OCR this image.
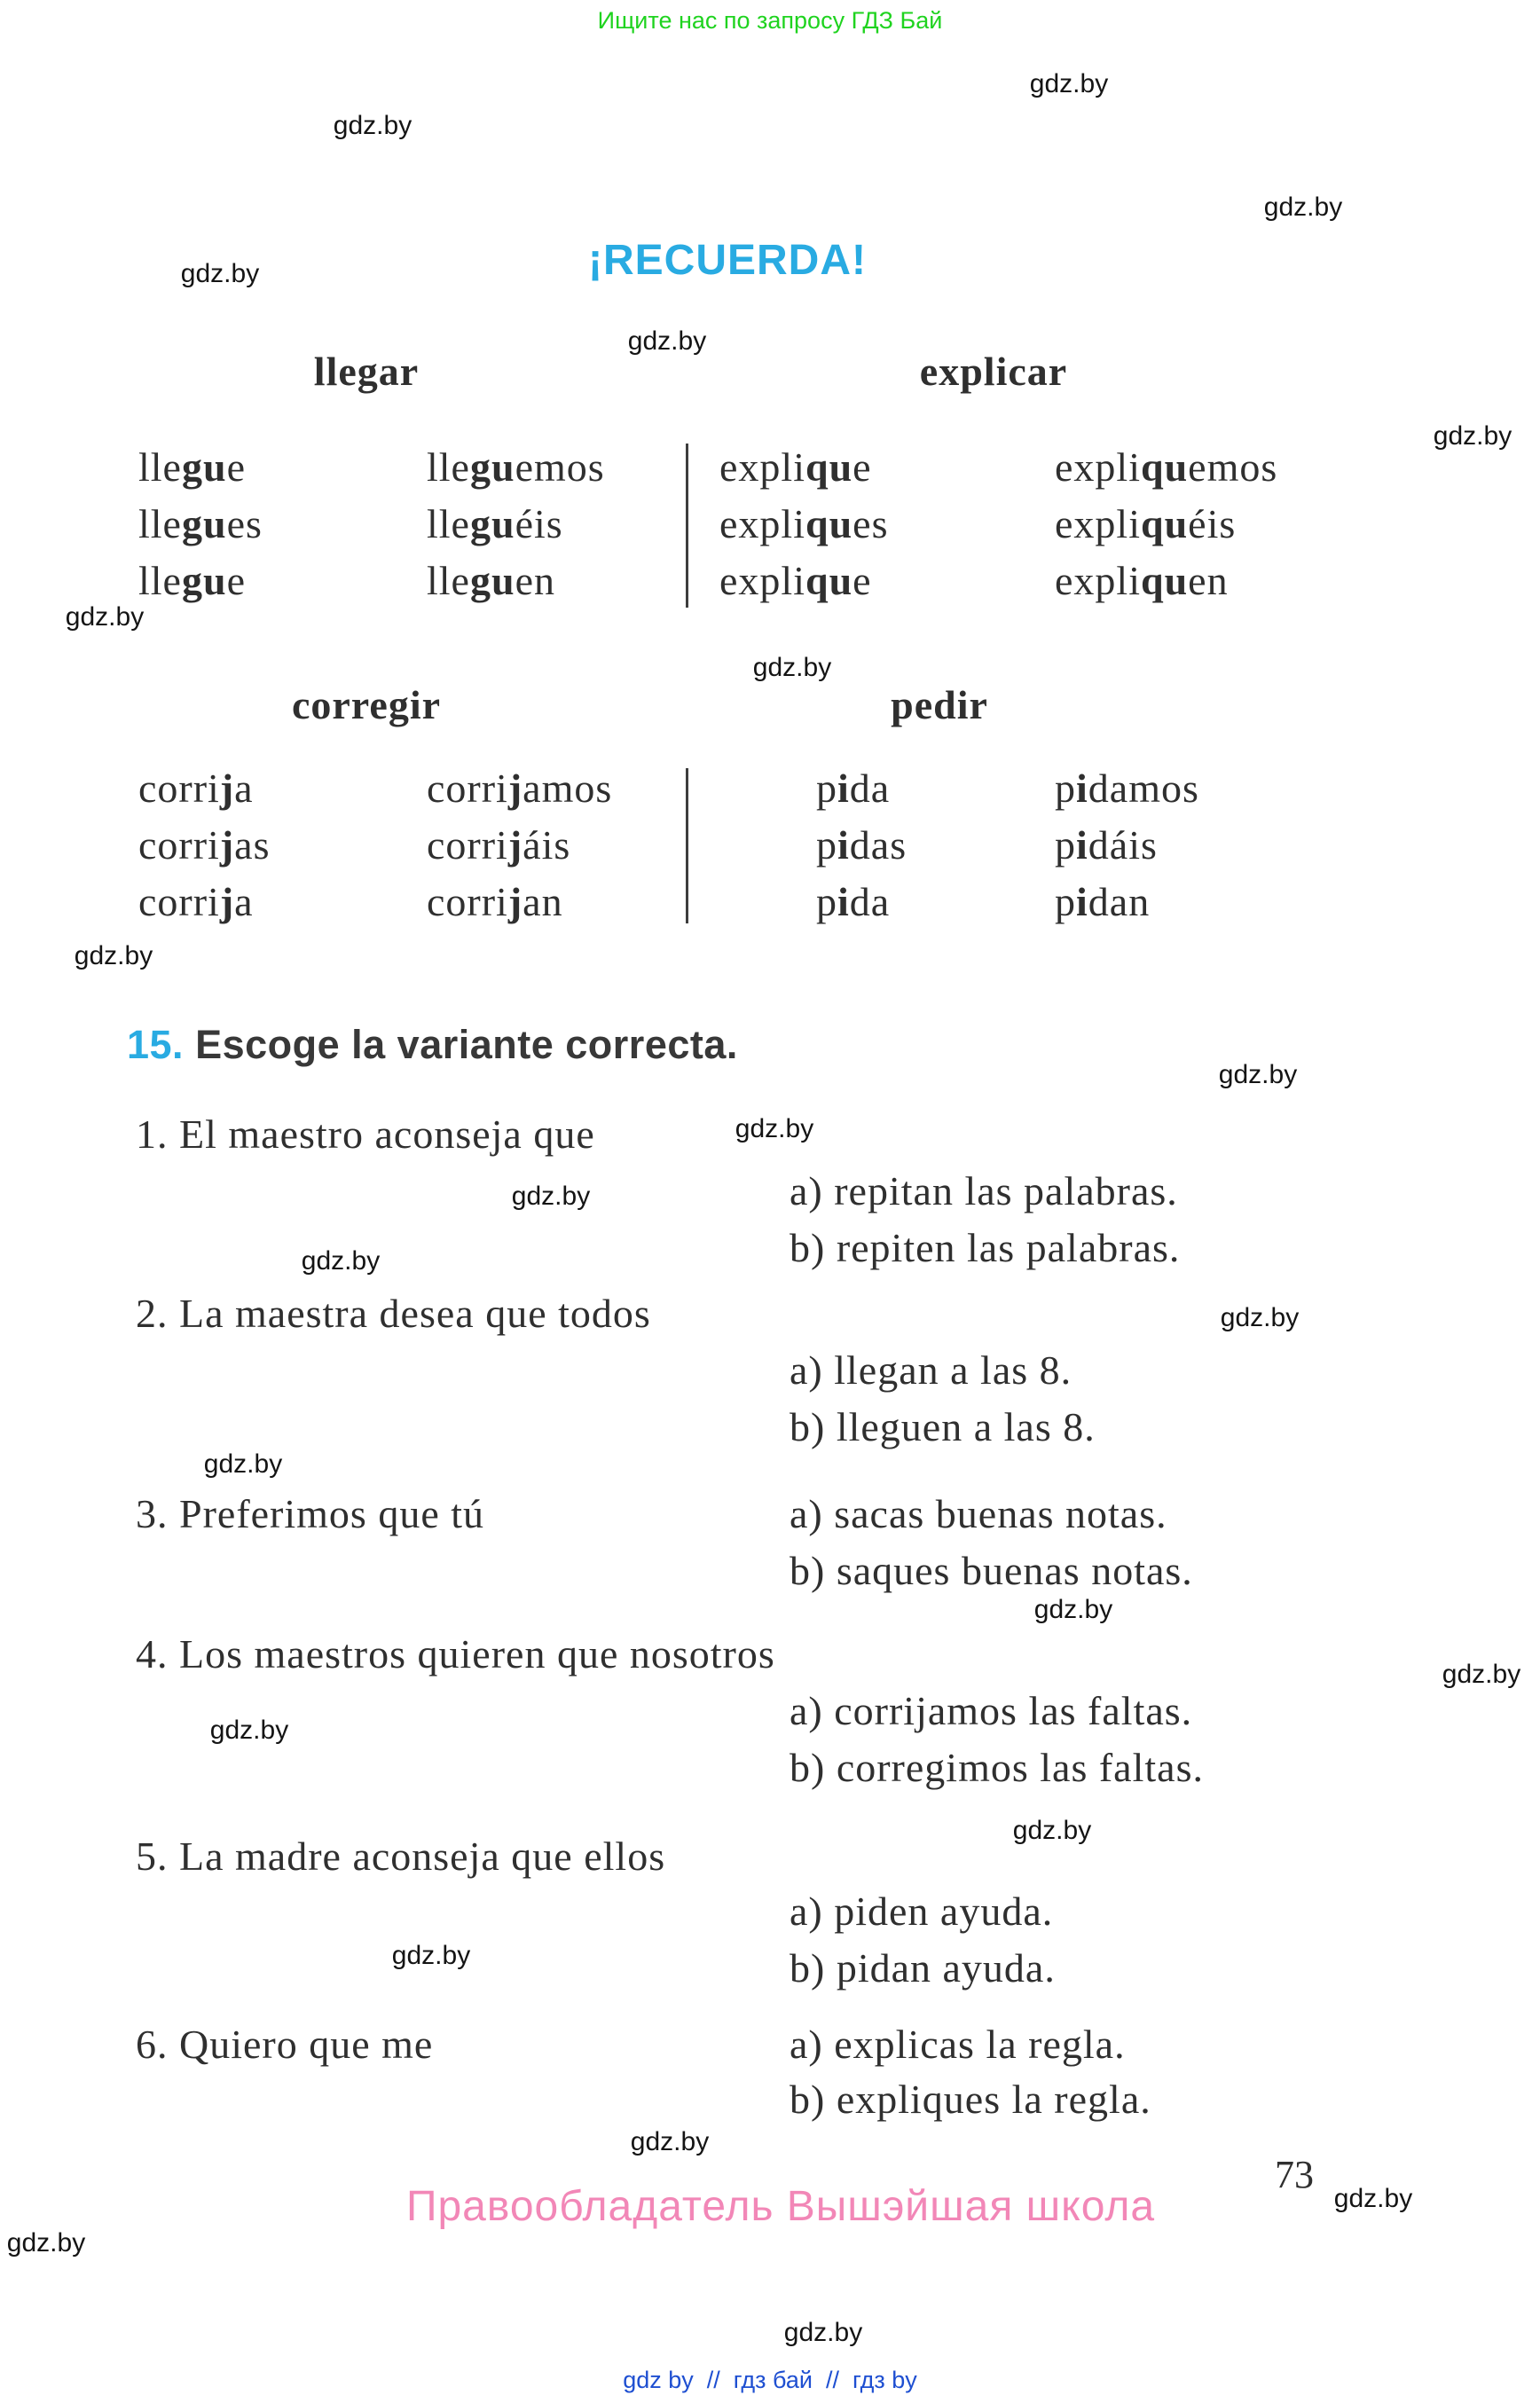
Ищите нас по запросу ГДЗ Бай
¡RECUERDA!
llegar	explicar
llegue	lleguemos	explique	expliquemos
llegues	lleguéis	expliques	expliquéis
llegue	lleguen	explique	expliquen
corregir	pedir
corrija	corrijamos	pida	pidamos
corrijas	corrijáis	pidas	pidáis
corrija	corrijan	pida	pidan
15. Escoge la variante correcta.
1. El maestro aconseja que
a) repitan las palabras.
b) repiten las palabras.
2. La maestra desea que todos
a) llegan a las 8.
b) lleguen a las 8.
3. Preferimos que tú	a) sacas buenas notas.
b) saques buenas notas.
4. Los maestros quieren que nosotros
a) corrijamos las faltas.
b) corregimos las faltas.
5. La madre aconseja que ellos
a) piden ayuda.
b) pidan ayuda.
6. Quiero que me	a) explicas la regla.
b) expliques la regla.
73
Правообладатель Вышэйшая школа
gdz by  //  гдз бай  //  гдз by
gdz.by
gdz.by
gdz.by
gdz.by
gdz.by
gdz.by
gdz.by
gdz.by
gdz.by
gdz.by
gdz.by
gdz.by
gdz.by
gdz.by
gdz.by
gdz.by
gdz.by
gdz.by
gdz.by
gdz.by
gdz.by
gdz.by
gdz.by
gdz.by
